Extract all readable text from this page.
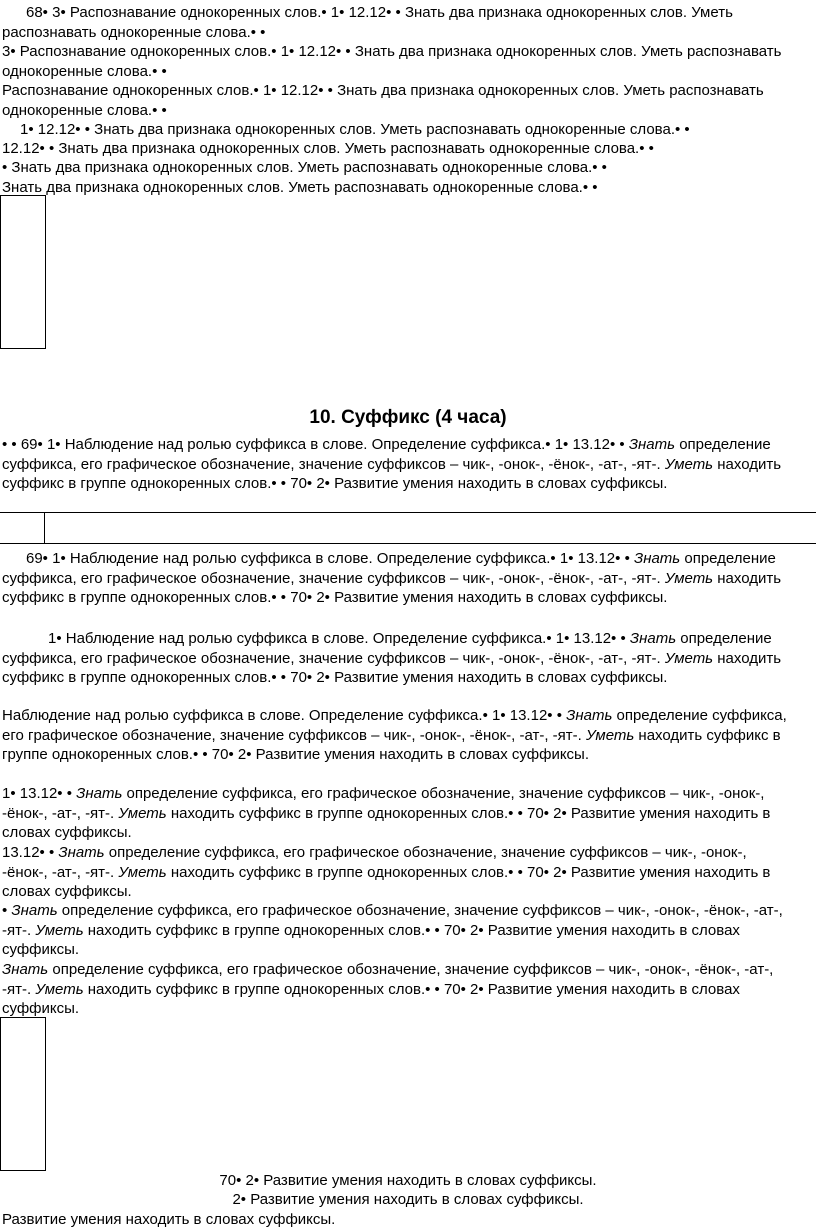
68• 3• Распознавание однокоренных слов.• 1• 12.12• • Знать два признака однокоренных слов. Уметь распознавать однокоренные слова.• •

3• Распознавание однокоренных слов.• 1• 12.12• • Знать два признака однокоренных слов. Уметь распознавать однокоренные слова.• •

Распознавание однокоренных слов.• 1• 12.12• • Знать два признака однокоренных слов. Уметь распознавать однокоренные слова.• •

1• 12.12• • Знать два признака однокоренных слов. Уметь распознавать однокоренные слова.• •

12.12• • Знать два признака однокоренных слов. Уметь распознавать однокоренные слова.• •

• Знать два признака однокоренных слов. Уметь распознавать однокоренные слова.• •

Знать два признака однокоренных слов. Уметь распознавать однокоренные слова.• •

10. Суффикс (4 часа)

• • 69• 1• Наблюдение над ролью суффикса в слове. Определение суффикса.• 1• 13.12• • Знать определение суффикса, его графическое обозначение, значение суффиксов – чик-, -онок-, -ёнок-, -ат-, -ят-. Уметь находить суффикс в группе однокоренных слов.• • 70• 2• Развитие умения находить в словах суффиксы.

69• 1• Наблюдение над ролью суффикса в слове. Определение суффикса.• 1• 13.12• • Знать определение суффикса, его графическое обозначение, значение суффиксов – чик-, -онок-, -ёнок-, -ат-, -ят-. Уметь находить суффикс в группе однокоренных слов.• • 70• 2• Развитие умения находить в словах суффиксы.

1• Наблюдение над ролью суффикса в слове. Определение суффикса.• 1• 13.12• • Знать определение суффикса, его графическое обозначение, значение суффиксов – чик-, -онок-, -ёнок-, -ат-, -ят-. Уметь находить суффикс в группе однокоренных слов.• • 70• 2• Развитие умения находить в словах суффиксы.

Наблюдение над ролью суффикса в слове. Определение суффикса.• 1• 13.12• • Знать определение суффикса, его графическое обозначение, значение суффиксов – чик-, -онок-, -ёнок-, -ат-, -ят-. Уметь находить суффикс в группе однокоренных слов.• • 70• 2• Развитие умения находить в словах суффиксы.

1• 13.12• • Знать определение суффикса, его графическое обозначение, значение суффиксов – чик-, -онок-, -ёнок-, -ат-, -ят-. Уметь находить суффикс в группе однокоренных слов.• • 70• 2• Развитие умения находить в словах суффиксы.

13.12• • Знать определение суффикса, его графическое обозначение, значение суффиксов – чик-, -онок-, -ёнок-, -ат-, -ят-. Уметь находить суффикс в группе однокоренных слов.• • 70• 2• Развитие умения находить в словах суффиксы.

• Знать определение суффикса, его графическое обозначение, значение суффиксов – чик-, -онок-, -ёнок-, -ат-, -ят-. Уметь находить суффикс в группе однокоренных слов.• • 70• 2• Развитие умения находить в словах суффиксы.

Знать определение суффикса, его графическое обозначение, значение суффиксов – чик-, -онок-, -ёнок-, -ат-, -ят-. Уметь находить суффикс в группе однокоренных слов.• • 70• 2• Развитие умения находить в словах суффиксы.

70• 2• Развитие умения находить в словах суффиксы.

2• Развитие умения находить в словах суффиксы.

Развитие умения находить в словах суффиксы.
